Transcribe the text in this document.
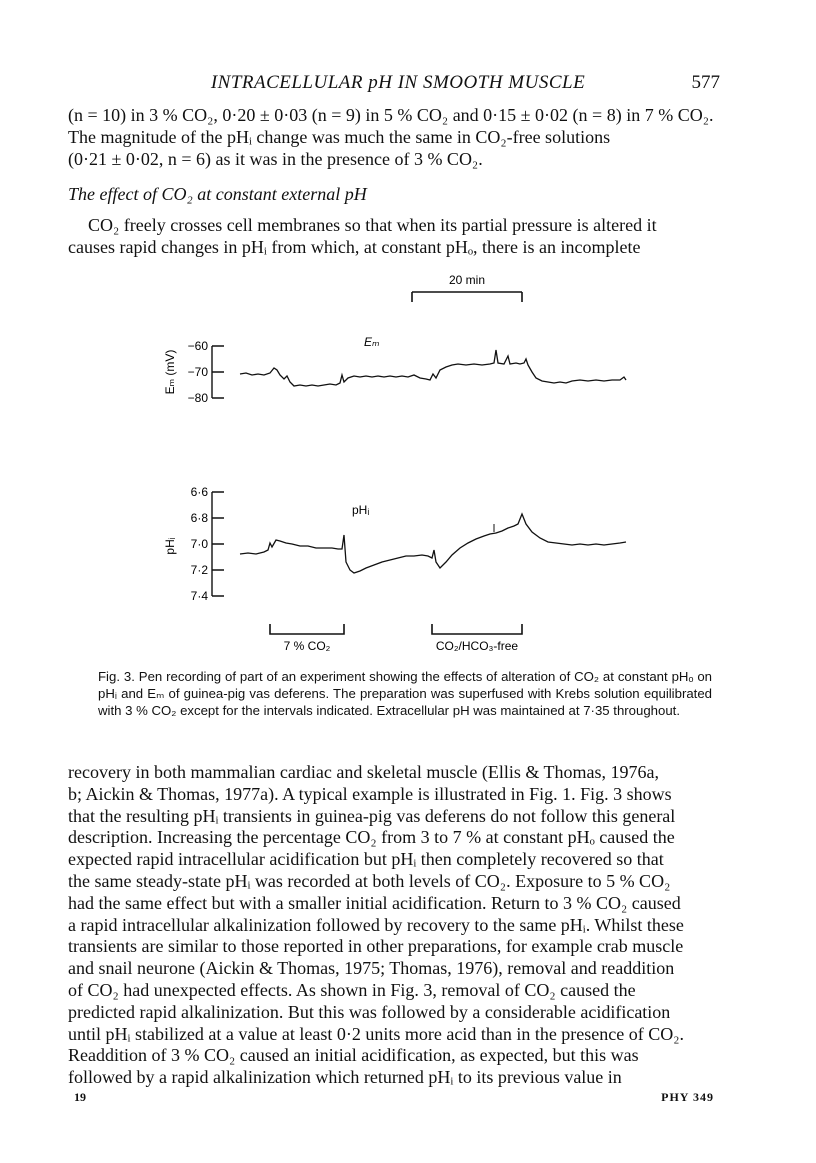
INTRACELLULAR pH IN SMOOTH MUSCLE	577

(n = 10) in 3 % CO₂, 0·20 ± 0·03 (n = 9) in 5 % CO₂ and 0·15 ± 0·02 (n = 8) in 7 % CO₂.

The magnitude of the pHᵢ change was much the same in CO₂-free solutions

(0·21 ± 0·02, n = 6) as it was in the presence of 3 % CO₂.

The effect of CO₂ at constant external pH

CO₂ freely crosses cell membranes so that when its partial pressure is altered it

causes rapid changes in pHᵢ from which, at constant pHₒ, there is an incomplete

20 min
Eₘ (mV)
−60
−70
−80
Eₘ
pHᵢ
6·6
6·8
7·0
7·2
7·4
pHᵢ
7 % CO₂	CO₂/HCO₃-free
Fig. 3. Pen recording of part of an experiment showing the effects of alteration of CO₂ at constant pHₒ on pHᵢ and Eₘ of guinea-pig vas deferens. The preparation was superfused with Krebs solution equilibrated with 3 % CO₂ except for the intervals indicated. Extracellular pH was maintained at 7·35 throughout.

recovery in both mammalian cardiac and skeletal muscle (Ellis & Thomas, 1976a,

b; Aickin & Thomas, 1977a). A typical example is illustrated in Fig. 1. Fig. 3 shows

that the resulting pHᵢ transients in guinea-pig vas deferens do not follow this general

description. Increasing the percentage CO₂ from 3 to 7 % at constant pHₒ caused the

expected rapid intracellular acidification but pHᵢ then completely recovered so that

the same steady-state pHᵢ was recorded at both levels of CO₂. Exposure to 5 % CO₂

had the same effect but with a smaller initial acidification. Return to 3 % CO₂ caused

a rapid intracellular alkalinization followed by recovery to the same pHᵢ. Whilst these

transients are similar to those reported in other preparations, for example crab muscle

and snail neurone (Aickin & Thomas, 1975; Thomas, 1976), removal and readdition

of CO₂ had unexpected effects. As shown in Fig. 3, removal of CO₂ caused the

predicted rapid alkalinization. But this was followed by a considerable acidification

until pHᵢ stabilized at a value at least 0·2 units more acid than in the presence of CO₂.

Readdition of 3 % CO₂ caused an initial acidification, as expected, but this was

followed by a rapid alkalinization which returned pHᵢ to its previous value in

19	PHY 349
